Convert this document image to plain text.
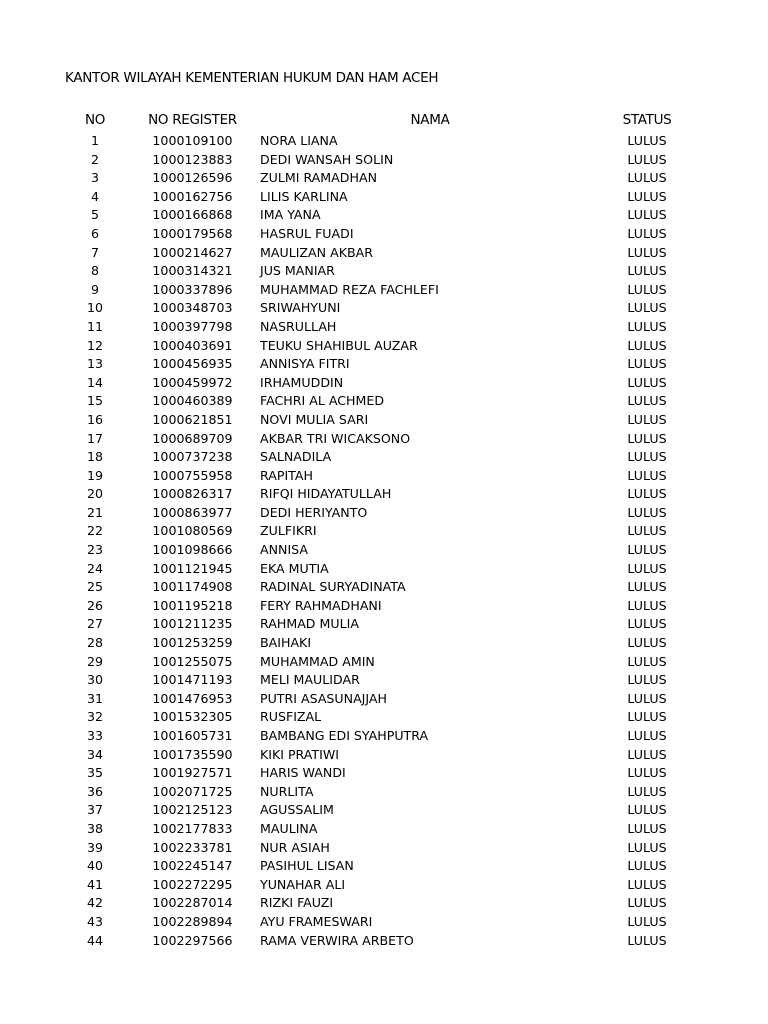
KANTOR WILAYAH KEMENTERIAN HUKUM DAN HAM ACEH
NO	NO REGISTER	NAMA	STATUS
1	1000109100	NORA LIANA	LULUS
2	1000123883	DEDI WANSAH SOLIN	LULUS
3	1000126596	ZULMI RAMADHAN	LULUS
4	1000162756	LILIS KARLINA	LULUS
5	1000166868	IMA YANA	LULUS
6	1000179568	HASRUL FUADI	LULUS
7	1000214627	MAULIZAN AKBAR	LULUS
8	1000314321	JUS MANIAR	LULUS
9	1000337896	MUHAMMAD REZA FACHLEFI	LULUS
10	1000348703	SRIWAHYUNI	LULUS
11	1000397798	NASRULLAH	LULUS
12	1000403691	TEUKU SHAHIBUL AUZAR	LULUS
13	1000456935	ANNISYA FITRI	LULUS
14	1000459972	IRHAMUDDIN	LULUS
15	1000460389	FACHRI AL ACHMED	LULUS
16	1000621851	NOVI MULIA SARI	LULUS
17	1000689709	AKBAR TRI WICAKSONO	LULUS
18	1000737238	SALNADILA	LULUS
19	1000755958	RAPITAH	LULUS
20	1000826317	RIFQI HIDAYATULLAH	LULUS
21	1000863977	DEDI HERIYANTO	LULUS
22	1001080569	ZULFIKRI	LULUS
23	1001098666	ANNISA	LULUS
24	1001121945	EKA MUTIA	LULUS
25	1001174908	RADINAL SURYADINATA	LULUS
26	1001195218	FERY RAHMADHANI	LULUS
27	1001211235	RAHMAD MULIA	LULUS
28	1001253259	BAIHAKI	LULUS
29	1001255075	MUHAMMAD AMIN	LULUS
30	1001471193	MELI MAULIDAR	LULUS
31	1001476953	PUTRI ASASUNAJJAH	LULUS
32	1001532305	RUSFIZAL	LULUS
33	1001605731	BAMBANG EDI SYAHPUTRA	LULUS
34	1001735590	KIKI PRATIWI	LULUS
35	1001927571	HARIS WANDI	LULUS
36	1002071725	NURLITA	LULUS
37	1002125123	AGUSSALIM	LULUS
38	1002177833	MAULINA	LULUS
39	1002233781	NUR ASIAH	LULUS
40	1002245147	PASIHUL LISAN	LULUS
41	1002272295	YUNAHAR ALI	LULUS
42	1002287014	RIZKI FAUZI	LULUS
43	1002289894	AYU FRAMESWARI	LULUS
44	1002297566	RAMA VERWIRA ARBETO	LULUS
